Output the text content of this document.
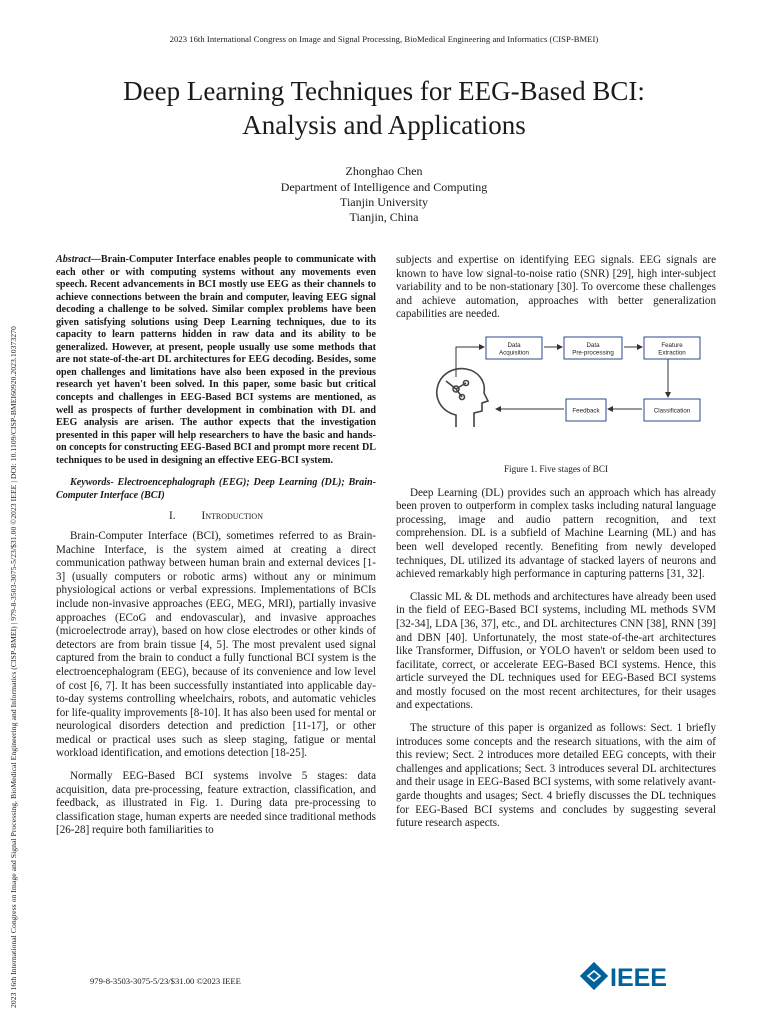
2023 16th International Congress on Image and Signal Processing, BioMedical Engineering and Informatics (CISP-BMEI)
2023 16th International Congress on Image and Signal Processing, BioMedical Engineering and Informatics (CISP-BMEI) | 979-8-3503-3075-5/23/$31.00 ©2023 IEEE | DOI: 10.1109/CISP-BMEI60920.2023.10373270
Deep Learning Techniques for EEG-Based BCI:
Analysis and Applications
Zhonghao Chen
Department of Intelligence and Computing
Tianjin University
Tianjin, China

Abstract—Brain-Computer Interface enables people to communicate with each other or with computing systems without any movements even speech. Recent advancements in BCI mostly use EEG as their channels to achieve connections between the brain and computer, leaving EEG signal decoding a challenge to be solved. Similar complex problems have been given satisfying solutions using Deep Learning techniques, due to its capacity to learn patterns hidden in raw data and its ability to be generalized. However, at present, people usually use some methods that are not state-of-the-art DL architectures for EEG decoding. Besides, some open challenges and limitations have also been exposed in the previous research yet haven't been solved. In this paper, some basic but critical concepts and challenges in EEG-Based BCI systems are mentioned, as well as prospects of further development in combination with DL and EEG analysis are arisen. The author expects that the investigation presented in this paper will help researchers to have the basic and hands-on concepts for constructing EEG-Based BCI and prompt more recent DL techniques to be used in designing an effective EEG-BCI system.

Keywords- Electroencephalograph (EEG); Deep Learning (DL); Brain-Computer Interface (BCI)

I. Introduction

Brain-Computer Interface (BCI), sometimes referred to as Brain-Machine Interface, is the system aimed at creating a direct communication pathway between human brain and external devices [1-3] (usually computers or robotic arms) without any or minimum physiological actions or verbal expressions. Implementations of BCIs include non-invasive approaches (EEG, MEG, MRI), partially invasive approaches (ECoG and endovascular), and invasive approaches (microelectrode array), based on how close electrodes or other kinds of detectors are from brain tissue [4, 5]. The most prevalent used signal captured from the brain to conduct a fully functional BCI system is the electroencephalogram (EEG), because of its convenience and low level of cost [6, 7]. It has been successfully instantiated into applicable day-to-day systems controlling wheelchairs, robots, and automatic vehicles for life-quality improvements [8-10]. It has also been used for mental or neurological disorders detection and prediction [11-17], or other medical or practical uses such as sleep staging, fatigue or mental workload identification, and emotions detection [18-25].

Normally EEG-Based BCI systems involve 5 stages: data acquisition, data pre-processing, feature extraction, classification, and feedback, as illustrated in Fig. 1. During data pre-processing to classification stage, human experts are needed since traditional methods [26-28] require both familiarities to

subjects and expertise on identifying EEG signals. EEG signals are known to have low signal-to-noise ratio (SNR) [29], high inter-subject variability and to be non-stationary [30]. To overcome these challenges and achieve automation, approaches with better generalization capabilities are needed.

Data
Acquisition
Data
Pre-processing
Feature
Extraction
Classification
Feedback
Figure 1. Five stages of BCI

Deep Learning (DL) provides such an approach which has already been proven to outperform in complex tasks including natural language processing, image and audio pattern recognition, and text comprehension. DL is a subfield of Machine Learning (ML) and has been well developed recently. Benefiting from newly developed techniques, DL utilized its advantage of stacked layers of neurons and achieved remarkably high performance in capturing patterns [31, 32].

Classic ML & DL methods and architectures have already been used in the field of EEG-Based BCI systems, including ML methods SVM [32-34], LDA [36, 37], etc., and DL architectures CNN [38], RNN [39] and DBN [40]. Unfortunately, the most state-of-the-art architectures like Transformer, Diffusion, or YOLO haven't or seldom been used to facilitate, correct, or accelerate EEG-Based BCI systems. Hence, this article surveyed the DL techniques used for EEG-Based BCI systems and mostly focused on the most recent architectures, for their usages and expectations.

The structure of this paper is organized as follows: Sect. 1 briefly introduces some concepts and the research situations, with the aim of this review; Sect. 2 introduces more detailed EEG concepts, with their challenges and applications; Sect. 3 introduces several DL architectures and their usage in EEG-Based BCI systems, with some relatively avant-garde thoughts and usages; Sect. 4 briefly discusses the DL techniques for EEG-Based BCI systems and concludes by suggesting several future research aspects.

979-8-3503-3075-5/23/$31.00 ©2023 IEEE	IEEE
